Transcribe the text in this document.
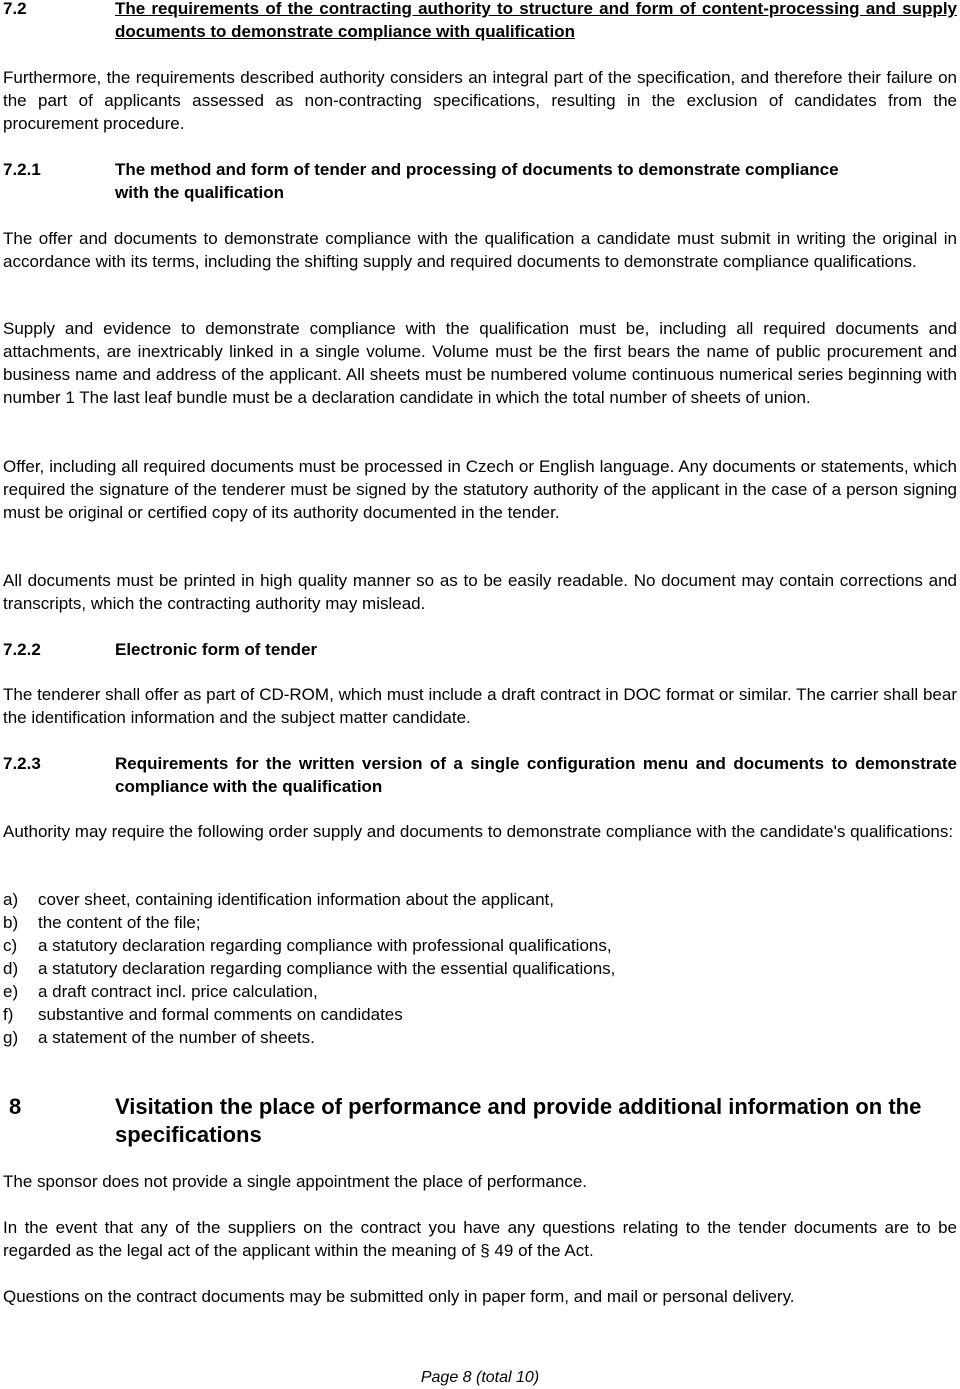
7.2	The requirements of the contracting authority to structure and form of content-processing and supply documents to demonstrate compliance with qualification

Furthermore, the requirements described authority considers an integral part of the specification, and therefore their failure on the part of applicants assessed as non-contracting specifications, resulting in the exclusion of candidates from the procurement procedure.

7.2.1	The method and form of tender and processing of documents to demonstrate compliance with the qualification

The offer and documents to demonstrate compliance with the qualification a candidate must submit in writing the original in accordance with its terms, including the shifting supply and required documents to demonstrate compliance qualifications.

Supply and evidence to demonstrate compliance with the qualification must be, including all required documents and attachments, are inextricably linked in a single volume. Volume must be the first bears the name of public procurement and business name and address of the applicant. All sheets must be numbered volume continuous numerical series beginning with number 1 The last leaf bundle must be a declaration candidate in which the total number of sheets of union.

Offer, including all required documents must be processed in Czech or English language. Any documents or statements, which required the signature of the tenderer must be signed by the statutory authority of the applicant in the case of a person signing must be original or certified copy of its authority documented in the tender.

All documents must be printed in high quality manner so as to be easily readable. No document may contain corrections and transcripts, which the contracting authority may mislead.

7.2.2	Electronic form of tender

The tenderer shall offer as part of CD-ROM, which must include a draft contract in DOC format or similar. The carrier shall bear the identification information and the subject matter candidate.

7.2.3	Requirements for the written version of a single configuration menu and documents to demonstrate compliance with the qualification

Authority may require the following order supply and documents to demonstrate compliance with the candidate's qualifications:

a) cover sheet, containing identification information about the applicant,
b) the content of the file;
c) a statutory declaration regarding compliance with professional qualifications,
d) a statutory declaration regarding compliance with the essential qualifications,
e) a draft contract incl. price calculation,
f) substantive and formal comments on candidates
g) a statement of the number of sheets.
8	Visitation the place of performance and provide additional information on the specifications

The sponsor does not provide a single appointment the place of performance.

In the event that any of the suppliers on the contract you have any questions relating to the tender documents are to be regarded as the legal act of the applicant within the meaning of § 49 of the Act.

Questions on the contract documents may be submitted only in paper form, and mail or personal delivery.

Page 8 (total 10)
